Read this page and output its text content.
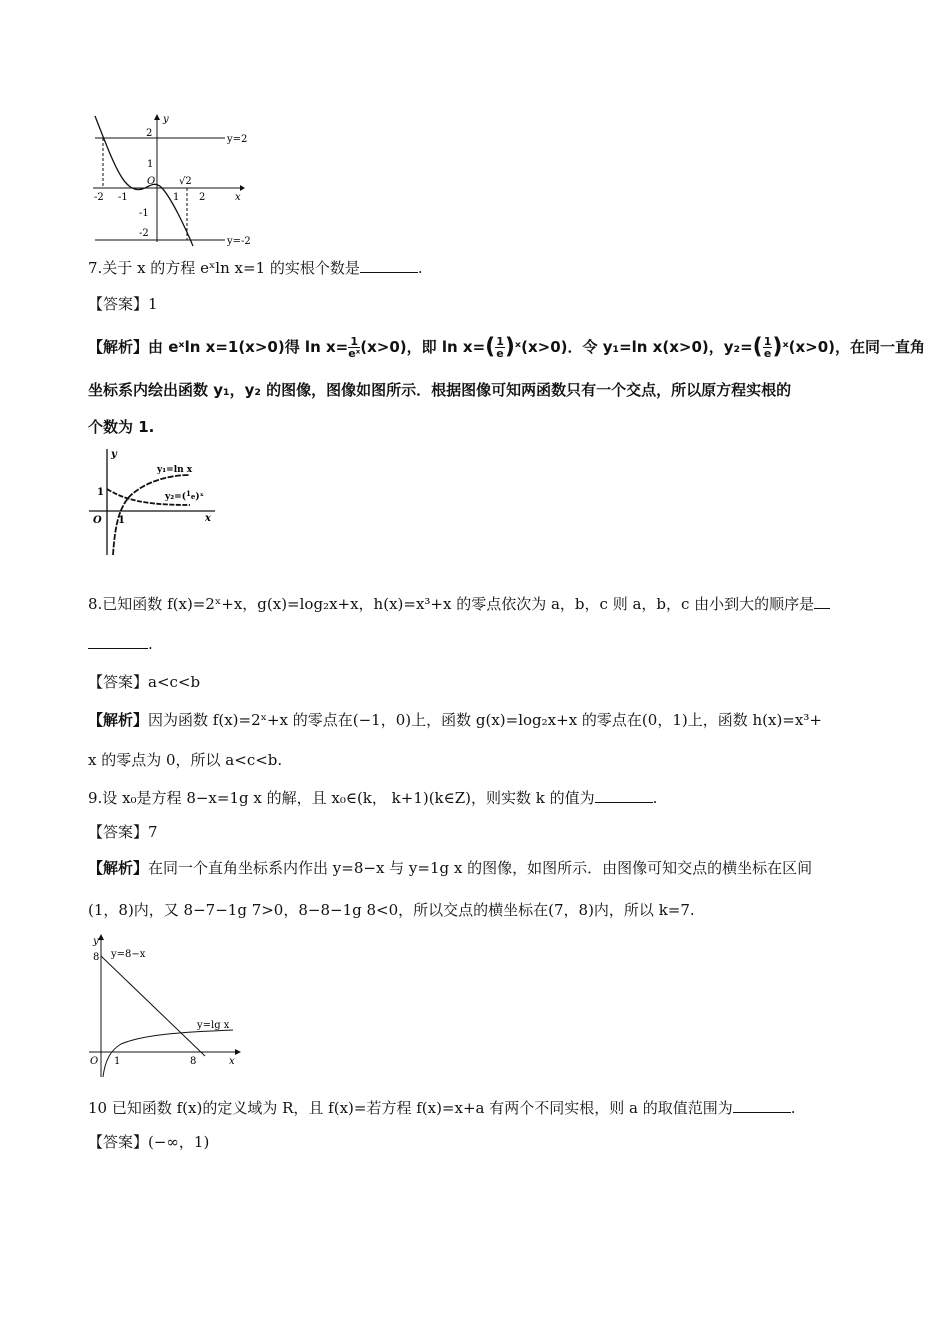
y
x
O
y=2
y=-2
-2 -1	1 2
√2
2
1
-1
-2
7.关于 x 的方程 eˣln x=1 的实根个数是	.
【答案】1
【解析】由 eˣln x=1(x>0)得 $\ln x= \frac{1}{\text{eˣ}} (x>0)$，即 $\ln x=( \frac{1}{e}$ )ˣ(x>0)．令 y₁=ln x(x>0)，$y_2=( \frac{1}{e}$ )ˣ(x>0)，在同一直角
坐标系内绘出函数 y₁，y₂ 的图像，图像如图所示．根据图像可知两函数只有一个交点，所以原方程实根的
个数为 1.
y
x
O
1
1
y₁=ln x
y₂=($^1_e$)ˣ
8.已知函数 f(x)=2ˣ+x，g(x)=log₂x+x，h(x)=x³+x 的零点依次为 a，b，c 则 a，b，c 由小到大的顺序是
.
【答案】a<c<b
【解析】因为函数 f(x)=2ˣ+x 的零点在(−1，0)上，函数 g(x)=log₂x+x 的零点在(0，1)上，函数 h(x)=x³+
x 的零点为 0，所以 a<c<b.
9.设 x₀是方程 8−x=1g x 的解，且 x₀∈(k， k+1)(k∈Z)，则实数 k 的值为	.
【答案】7
【解析】在同一个直角坐标系内作出 y=8−x 与 y=1g x 的图像，如图所示．由图像可知交点的横坐标在区间
(1，8)内，又 8−7−1g 7>0，8−8−1g 8<0，所以交点的横坐标在(7，8)内，所以 k=7.
y
x
O
8
1	8
y=8−x
y=lg x
10 已知函数 f(x)的定义域为 R，且 f(x)=若方程 f(x)=x+a 有两个不同实根，则 a 的取值范围为	.
【答案】(−∞，1)
